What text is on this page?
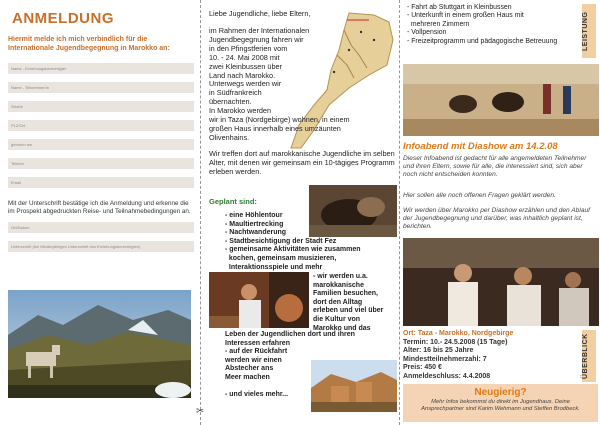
ANMELDUNG
Hiermit melde ich mich verbindlich für die Internationale Jugendbegegnung in Marokko an:
Name - Erziehungsberechtigter
Name - Teilnehmer/in
Straße
PLZ/Ort
geboren am
Telefon
Email
Mit der Unterschrift bestätige ich die Anmeldung und erkenne die im Prospekt abgedruckten Reise- und Teilnahmebedingungen an.
Ort/Datum
Unterschrift (bei Minderjährigen Unterschrift des Erziehungsberechtigten)
Liebe Jugendliche, liebe Eltern,
im Rahmen der Internationalen
Jugendbegegnung fahren wir
in den Pfingstferien vom
10. - 24. Mai 2008 mit
zwei Kleinbussen über
Land nach Marokko.
Unterwegs werden wir
in Südfrankreich
übernachten.
In Marokko werden
wir in Taza (Nordgebirge) wohnen, in einem
großen Haus innerhalb eines umzäunten
Olivenhains.
Wir treffen dort auf marokkanische Jugendliche im selben Alter, mit denen wir gemeinsam ein 10-tägiges Programm erleben werden.
Geplant sind:
- eine Höhlentour
- Maultiertrecking
- Nachtwanderung
- Stadtbesichtigung der Stadt Fez
- gemeinsame Aktivitäten wie zusammen
kochen, gemeinsam musizieren,
Interaktionsspiele und mehr
- wir werden u.a.
marokkanische
Familien besuchen,
dort den Alltag
erleben und viel über
die Kultur von
Marokko und das
Leben der Jugendlichen dort und ihren
Interessen erfahren
- auf der Rückfahrt
werden wir einen
Abstecher ans
Meer machen
- und vieles mehr...
✂
- Fahrt ab Stuttgart in Kleinbussen
- Unterkunft in einem großen Haus mit
mehreren Zimmern
- Vollpension
- Freizeitprogramm und pädagogische Betreuung	LEISTUNG
Infoabend mit Diashow am 14.2.08
Dieser Infoabend ist gedacht für alle angemeldeten Teilnehmer und ihren Eltern, sowie für alle, die interessiert sind, sich aber noch nicht entscheiden konnten.
Hier sollen alle noch offenen Fragen geklärt werden.
Wir werden über Marokko per Diashow erzählen und den Ablauf der Jugendbegegnung und darüber, was inhaltlich geplant ist, berichten.
Ort: Taza - Marokko, Nordgebirge
Termin: 10.- 24.5.2008 (15 Tage)
Alter: 16 bis 25 Jahre
Mindestteilnehmerzahl: 7
Preis: 450 €
Anmeldeschluss: 4.4.2008	ÜBERBLICK
Neugierig?
Mehr Infos bekommst du direkt im Jugendhaus. Deine Ansprechpartner sind Karim Wehmann und Steffen Brodbeck.
